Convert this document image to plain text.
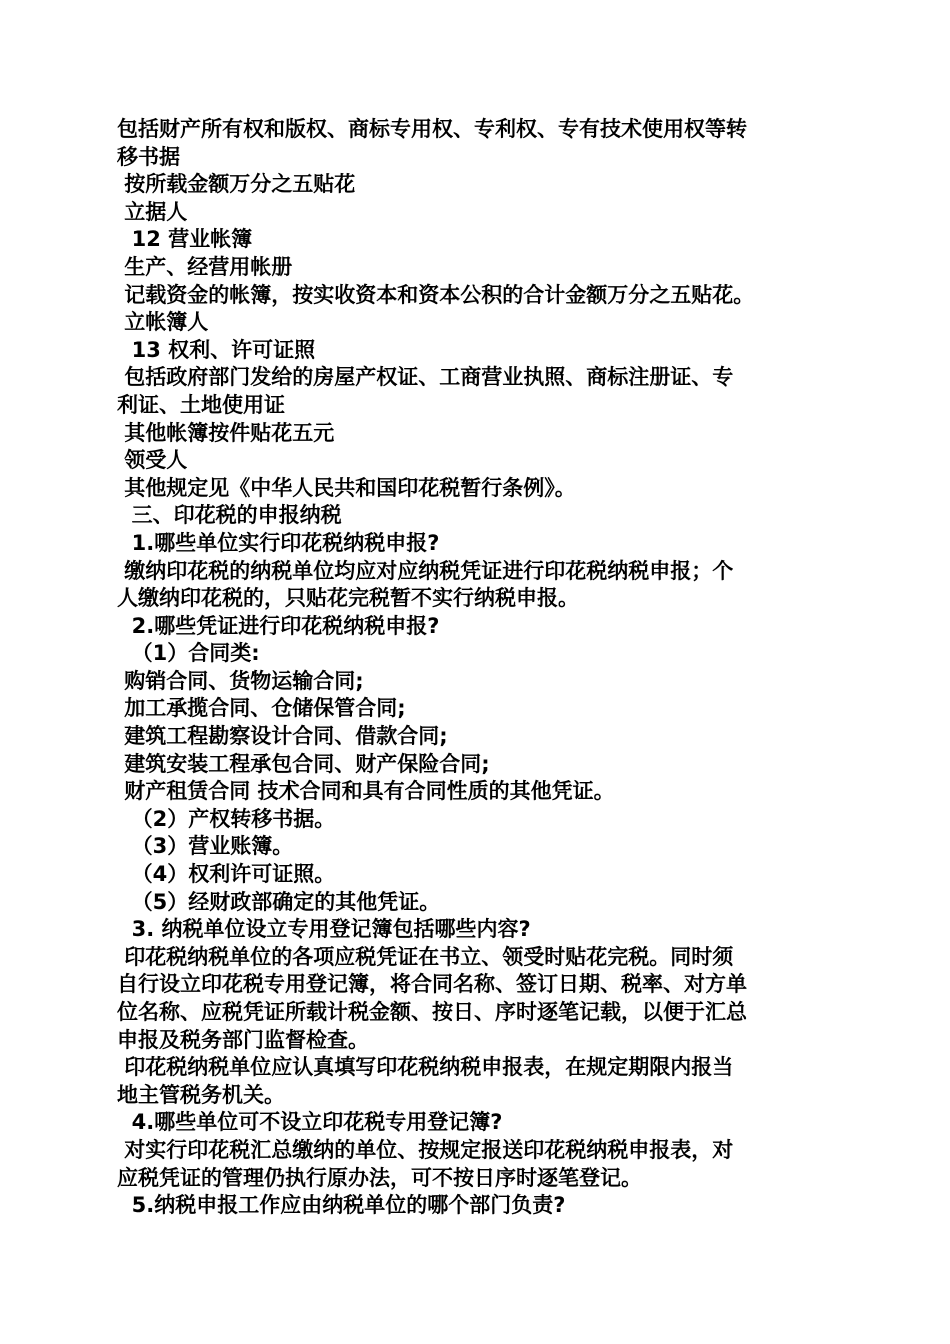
包括财产所有权和版权、商标专用权、专利权、专有技术使用权等转
移书据
按所载金额万分之五贴花
立据人
12 营业帐簿
生产、经营用帐册
记载资金的帐簿，按实收资本和资本公积的合计金额万分之五贴花。
立帐簿人
13 权利、许可证照
包括政府部门发给的房屋产权证、工商营业执照、商标注册证、专
利证、土地使用证
其他帐簿按件贴花五元
领受人
其他规定见《中华人民共和国印花税暂行条例》。
三、印花税的申报纳税
1.哪些单位实行印花税纳税申报?
缴纳印花税的纳税单位均应对应纳税凭证进行印花税纳税申报；个
人缴纳印花税的，只贴花完税暂不实行纳税申报。
2.哪些凭证进行印花税纳税申报?
（1）合同类:
购销合同、货物运输合同;
加工承揽合同、仓储保管合同;
建筑工程勘察设计合同、借款合同;
建筑安装工程承包合同、财产保险合同;
财产租赁合同 技术合同和具有合同性质的其他凭证。
（2）产权转移书据。
（3）营业账簿。
（4）权利许可证照。
（5）经财政部确定的其他凭证。
3. 纳税单位设立专用登记簿包括哪些内容?
印花税纳税单位的各项应税凭证在书立、领受时贴花完税。同时须
自行设立印花税专用登记簿，将合同名称、签订日期、税率、对方单
位名称、应税凭证所载计税金额、按日、序时逐笔记载，以便于汇总
申报及税务部门监督检查。
印花税纳税单位应认真填写印花税纳税申报表，在规定期限内报当
地主管税务机关。
4.哪些单位可不设立印花税专用登记簿?
对实行印花税汇总缴纳的单位、按规定报送印花税纳税申报表，对
应税凭证的管理仍执行原办法，可不按日序时逐笔登记。
5.纳税申报工作应由纳税单位的哪个部门负责?
